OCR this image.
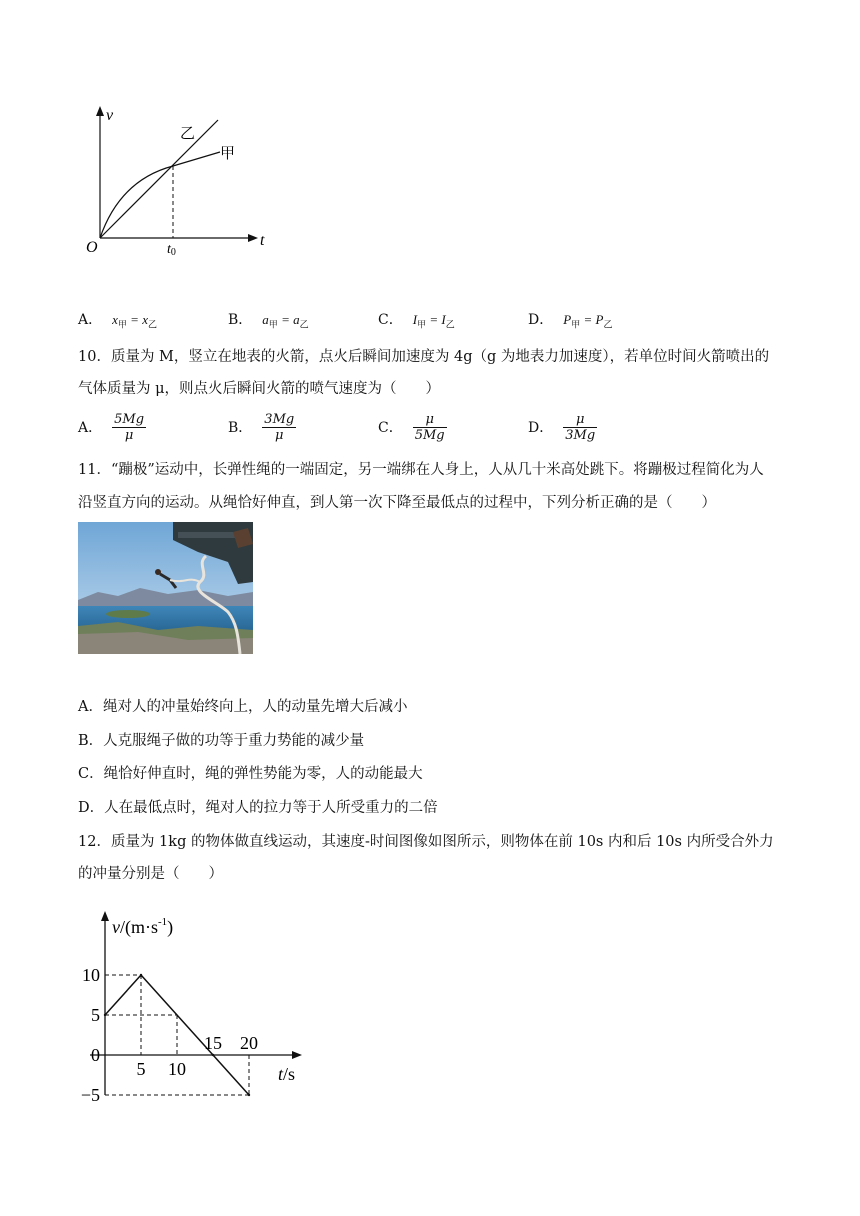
v
t
O	t0
乙
甲
A． $x_甲 = x_乙$	B． $a_甲 = a_乙$	C． $I_甲 = I_乙$	D． $P_甲 = P_乙$
10．质量为 M，竖立在地表的火箭，点火后瞬间加速度为 4g（g 为地表力加速度），若单位时间火箭喷出的
气体质量为 μ，则点火后瞬间火箭的喷气速度为（　　）
A． $\frac{5Mg}{\mu}$	B． $\frac{3Mg}{\mu}$	C． $\frac{\mu}{5Mg}$	D． $\frac{\mu}{3Mg}$
11．“蹦极”运动中，长弹性绳的一端固定，另一端绑在人身上，人从几十米高处跳下。将蹦极过程简化为人
沿竖直方向的运动。从绳恰好伸直，到人第一次下降至最低点的过程中，下列分析正确的是（　　）
A．绳对人的冲量始终向上，人的动量先增大后减小
B．人克服绳子做的功等于重力势能的减少量
C．绳恰好伸直时，绳的弹性势能为零，人的动能最大
D．人在最低点时，绳对人的拉力等于人所受重力的二倍
12．质量为 1kg 的物体做直线运动，其速度-时间图像如图所示，则物体在前 10s 内和后 10s 内所受合外力
的冲量分别是（　　）
$v/(m\cdot s^{-1})$
t/s
10
5
0
−5
5 10
15 20
